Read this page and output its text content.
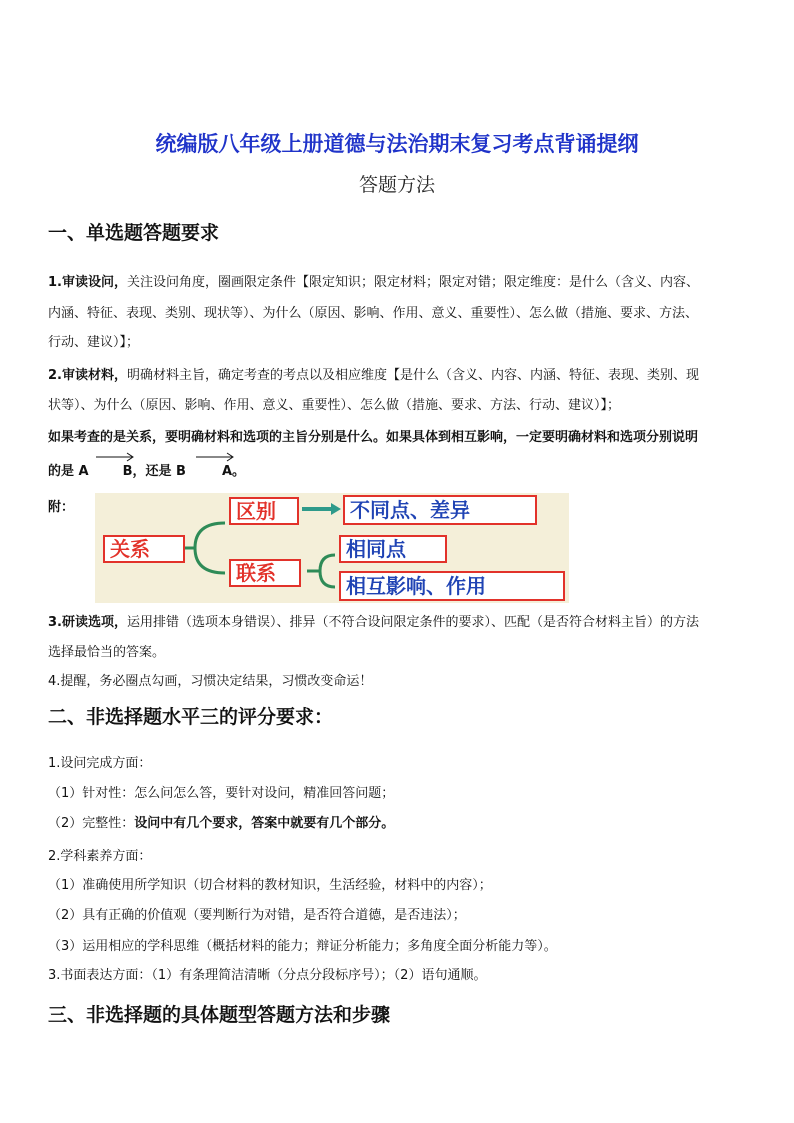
统编版八年级上册道德与法治期末复习考点背诵提纲
答题方法
一、单选题答题要求
1.审读设问，关注设问角度，圈画限定条件【限定知识；限定材料；限定对错；限定维度：是什么（含义、内容、
内涵、特征、表现、类别、现状等）、为什么（原因、影响、作用、意义、重要性）、怎么做（措施、要求、方法、
行动、建议）】；
2.审读材料，明确材料主旨，确定考查的考点以及相应维度【是什么（含义、内容、内涵、特征、表现、类别、现
状等）、为什么（原因、影响、作用、意义、重要性）、怎么做（措施、要求、方法、行动、建议）】；
如果考查的是关系，要明确材料和选项的主旨分别是什么。如果具体到相互影响，一定要明确材料和选项分别说明
的是 A	B，还是 B	A。
附：
关系
区别	不同点、差异
联系
相同点
相互影响、作用
3.研读选项，运用排错（选项本身错误）、排异（不符合设问限定条件的要求）、匹配（是否符合材料主旨）的方法
选择最恰当的答案。
4.提醒，务必圈点勾画，习惯决定结果，习惯改变命运！
二、非选择题水平三的评分要求：
1.设问完成方面：
（1）针对性：怎么问怎么答，要针对设问，精准回答问题；
（2）完整性：设问中有几个要求，答案中就要有几个部分。
2.学科素养方面：
（1）准确使用所学知识（切合材料的教材知识，生活经验，材料中的内容）；
（2）具有正确的价值观（要判断行为对错，是否符合道德，是否违法）；
（3）运用相应的学科思维（概括材料的能力；辩证分析能力；多角度全面分析能力等）。
3.书面表达方面：（1）有条理简洁清晰（分点分段标序号）；（2）语句通顺。
三、非选择题的具体题型答题方法和步骤
